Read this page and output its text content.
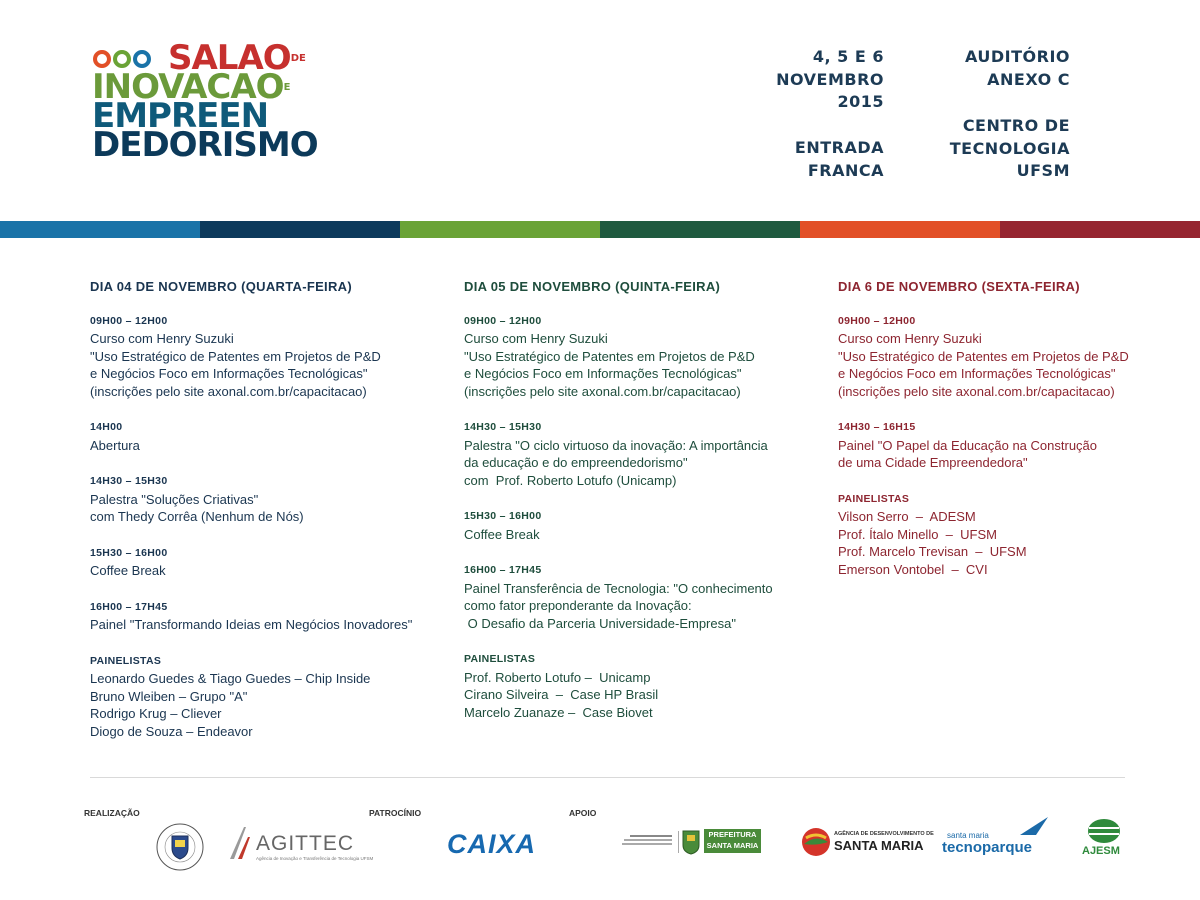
$SALAO^{DE}$
$INOVACAO^E$
EMPREEN
DEDORISMO
4, 5 E 6
NOVEMBRO
2015
ENTRADA
FRANCA
AUDITÓRIO
ANEXO C
CENTRO DE
TECNOLOGIA
UFSM
DIA 04 DE NOVEMBRO (QUARTA-FEIRA)
09H00 – 12H00

Curso com Henry Suzuki

"Uso Estratégico de Patentes em Projetos de P&D

e Negócios Foco em Informações Tecnológicas"

(inscrições pelo site axonal.com.br/capacitacao)

14H00

Abertura

14H30 – 15H30

Palestra "Soluções Criativas"

com Thedy Corrêa (Nenhum de Nós)

15H30 – 16H00

Coffee Break

16H00 – 17H45

Painel "Transformando Ideias em Negócios Inovadores"

PAINELISTAS

Leonardo Guedes & Tiago Guedes – Chip Inside

Bruno Wleiben – Grupo "A"

Rodrigo Krug – Cliever

Diogo de Souza – Endeavor

DIA 05 DE NOVEMBRO (QUINTA-FEIRA)
09H00 – 12H00

Curso com Henry Suzuki

"Uso Estratégico de Patentes em Projetos de P&D

e Negócios Foco em Informações Tecnológicas"

(inscrições pelo site axonal.com.br/capacitacao)

14H30 – 15H30

Palestra "O ciclo virtuoso da inovação: A importância

da educação e do empreendedorismo"

com  Prof. Roberto Lotufo (Unicamp)

15H30 – 16H00

Coffee Break

16H00 – 17H45

Painel Transferência de Tecnologia: "O conhecimento

como fator preponderante da Inovação:

O Desafio da Parceria Universidade-Empresa"

PAINELISTAS

Prof. Roberto Lotufo –  Unicamp

Cirano Silveira  –  Case HP Brasil

Marcelo Zuanaze –  Case Biovet

DIA 6 DE NOVEMBRO (SEXTA-FEIRA)
09H00 – 12H00

Curso com Henry Suzuki

"Uso Estratégico de Patentes em Projetos de P&D

e Negócios Foco em Informações Tecnológicas"

(inscrições pelo site axonal.com.br/capacitacao)

14H30 – 16H15

Painel "O Papel da Educação na Construção

de uma Cidade Empreendedora"

PAINELISTAS

Vilson Serro  –  ADESM

Prof. Ítalo Minello  –  UFSM

Prof. Marcelo Trevisan  –  UFSM

Emerson Vontobel  –  CVI

REALIZAÇÃO	PATROCÍNIO	APOIO
AGITTEC
Agência de Inovação e Transferência de Tecnologia UFSM	CAIXA	PREFEITURA
SANTA MARIA
AGÊNCIA DE DESENVOLVIMENTO DE
SANTA MARIA
santa maria
tecnoparque	AJESM
